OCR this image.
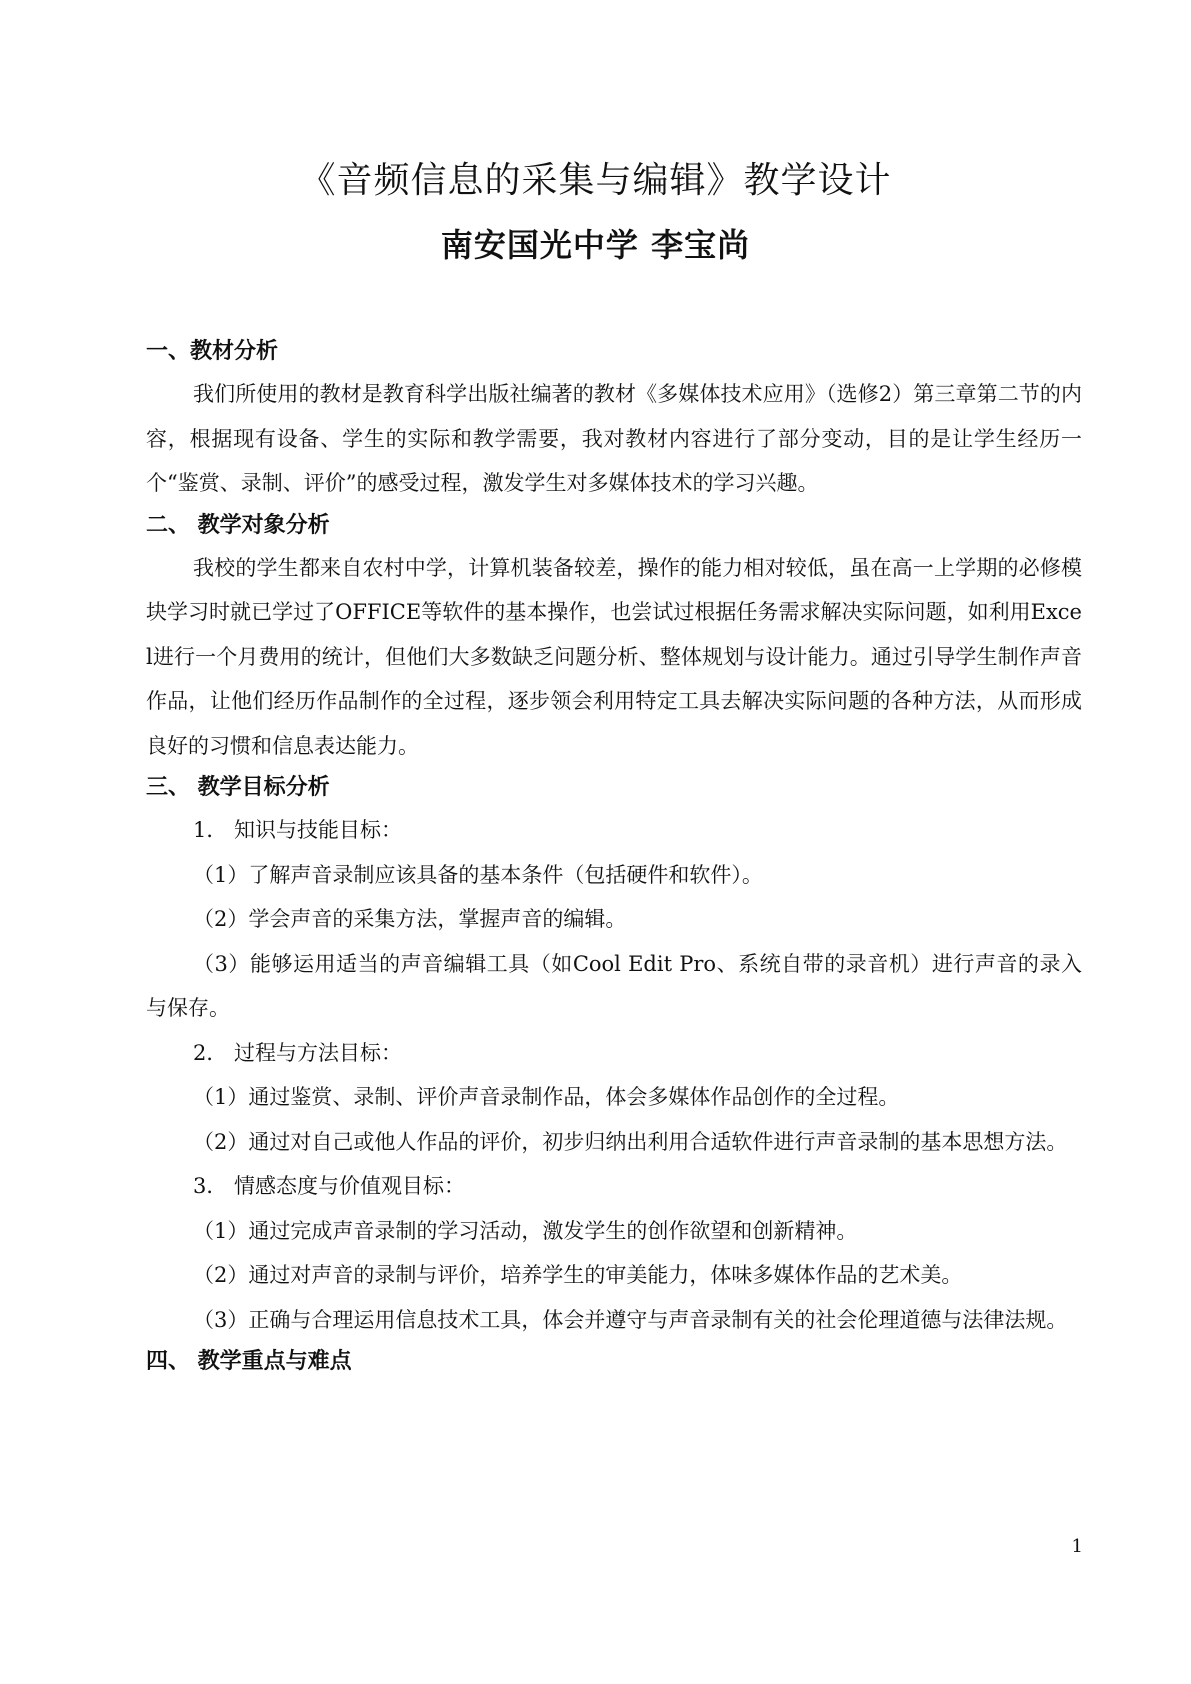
《音频信息的采集与编辑》教学设计
南安国光中学 李宝尚
一、教材分析
我们所使用的教材是教育科学出版社编著的教材《多媒体技术应用》（选修2）第三章第二节的内容，根据现有设备、学生的实际和教学需要，我对教材内容进行了部分变动，目的是让学生经历一个“鉴赏、录制、评价”的感受过程，激发学生对多媒体技术的学习兴趣。
二、 教学对象分析
我校的学生都来自农村中学，计算机装备较差，操作的能力相对较低，虽在高一上学期的必修模块学习时就已学过了OFFICE等软件的基本操作，也尝试过根据任务需求解决实际问题，如利用Excel进行一个月费用的统计，但他们大多数缺乏问题分析、整体规划与设计能力。通过引导学生制作声音作品，让他们经历作品制作的全过程，逐步领会利用特定工具去解决实际问题的各种方法，从而形成良好的习惯和信息表达能力。
三、 教学目标分析
1． 知识与技能目标：
（1）了解声音录制应该具备的基本条件（包括硬件和软件）。
（2）学会声音的采集方法，掌握声音的编辑。
（3）能够运用适当的声音编辑工具（如Cool Edit Pro、系统自带的录音机）进行声音的录入与保存。
2． 过程与方法目标：
（1）通过鉴赏、录制、评价声音录制作品，体会多媒体作品创作的全过程。
（2）通过对自己或他人作品的评价，初步归纳出利用合适软件进行声音录制的基本思想方法。
3． 情感态度与价值观目标：
（1）通过完成声音录制的学习活动，激发学生的创作欲望和创新精神。
（2）通过对声音的录制与评价，培养学生的审美能力，体味多媒体作品的艺术美。
（3）正确与合理运用信息技术工具，体会并遵守与声音录制有关的社会伦理道德与法律法规。
四、 教学重点与难点
1
